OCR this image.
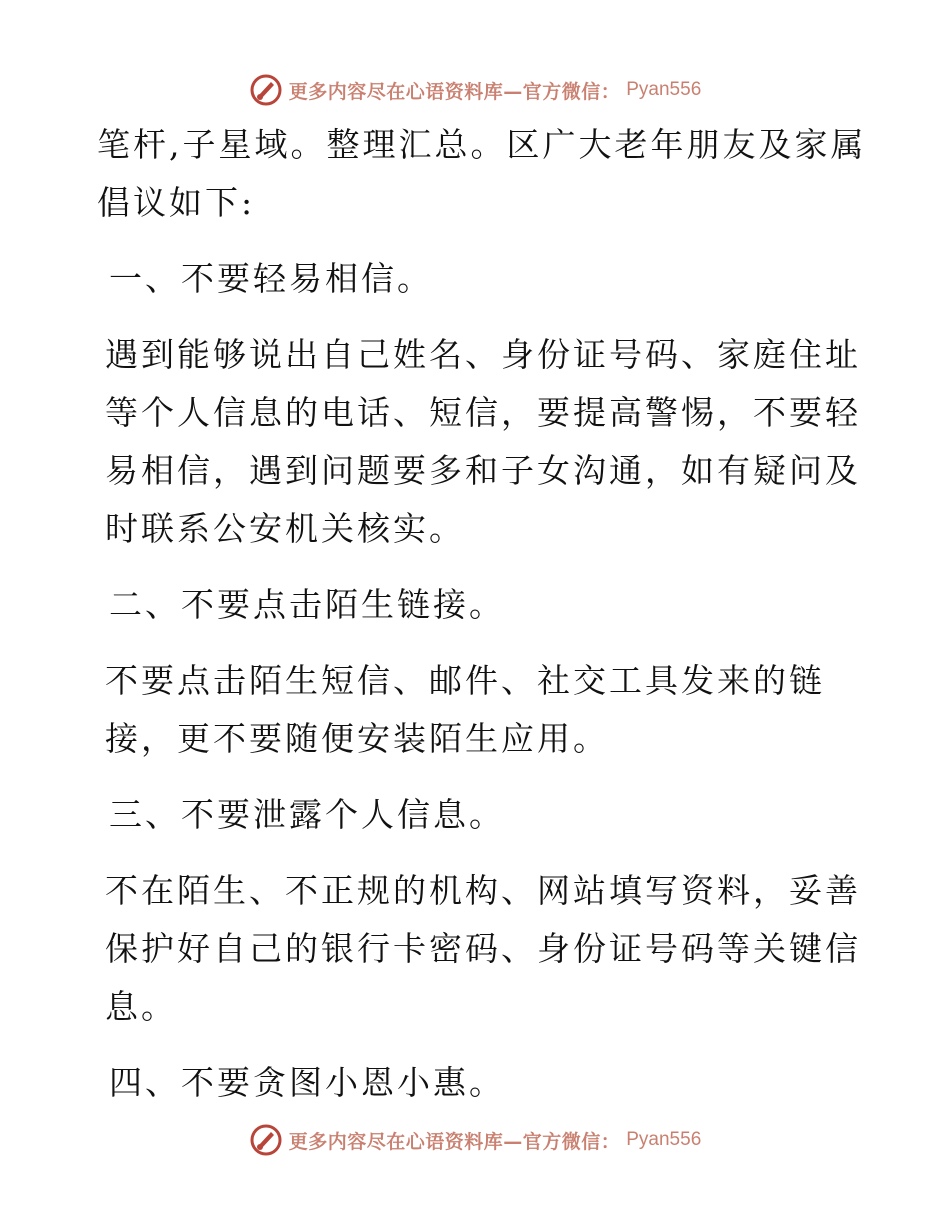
更多内容尽在心语资料库—官方微信： Pyan556

笔杆,子星域。整理汇总。区广大老年朋友及家属
倡议如下:

一、不要轻易相信。

遇到能够说出自己姓名、身份证号码、家庭住址等个人信息的电话、短信，要提高警惕，不要轻易相信，遇到问题要多和子女沟通，如有疑问及时联系公安机关核实。

二、不要点击陌生链接。

不要点击陌生短信、邮件、社交工具发来的链接，更不要随便安装陌生应用。

三、不要泄露个人信息。

不在陌生、不正规的机构、网站填写资料，妥善保护好自己的银行卡密码、身份证号码等关键信息。

四、不要贪图小恩小惠。

更多内容尽在心语资料库—官方微信： Pyan556
